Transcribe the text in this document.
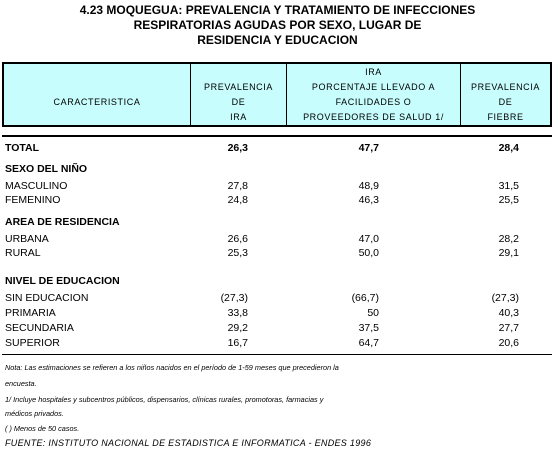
4.23 MOQUEGUA: PREVALENCIA Y TRATAMIENTO DE INFECCIONES
RESPIRATORIAS AGUDAS POR SEXO, LUGAR DE
RESIDENCIA Y EDUCACION
CARACTERISTICA
PREVALENCIA
DE
IRA
IRA
PORCENTAJE LLEVADO A
FACILIDADES O
PROVEEDORES DE SALUD 1/
PREVALENCIA
DE
FIEBRE
TOTAL	26,3	47,7	28,4
SEXO DEL NIÑO
MASCULINO	27,8	48,9	31,5
FEMENINO	24,8	46,3	25,5
AREA DE RESIDENCIA
URBANA	26,6	47,0	28,2
RURAL	25,3	50,0	29,1
NIVEL DE EDUCACION
SIN EDUCACION	(27,3)	(66,7)	(27,3)
PRIMARIA	33,8	50	40,3
SECUNDARIA	29,2	37,5	27,7
SUPERIOR	16,7	64,7	20,6
Nota: Las estimaciones se refieren a los niños nacidos en el período de 1-59 meses que precedieron la
encuesta.
1/ Incluye hospitales y subcentros públicos, dispensarios, clínicas rurales, promotoras, farmacias y
médicos privados.
( ) Menos de 50 casos.
FUENTE: INSTITUTO NACIONAL DE ESTADISTICA E INFORMATICA - ENDES 1996
